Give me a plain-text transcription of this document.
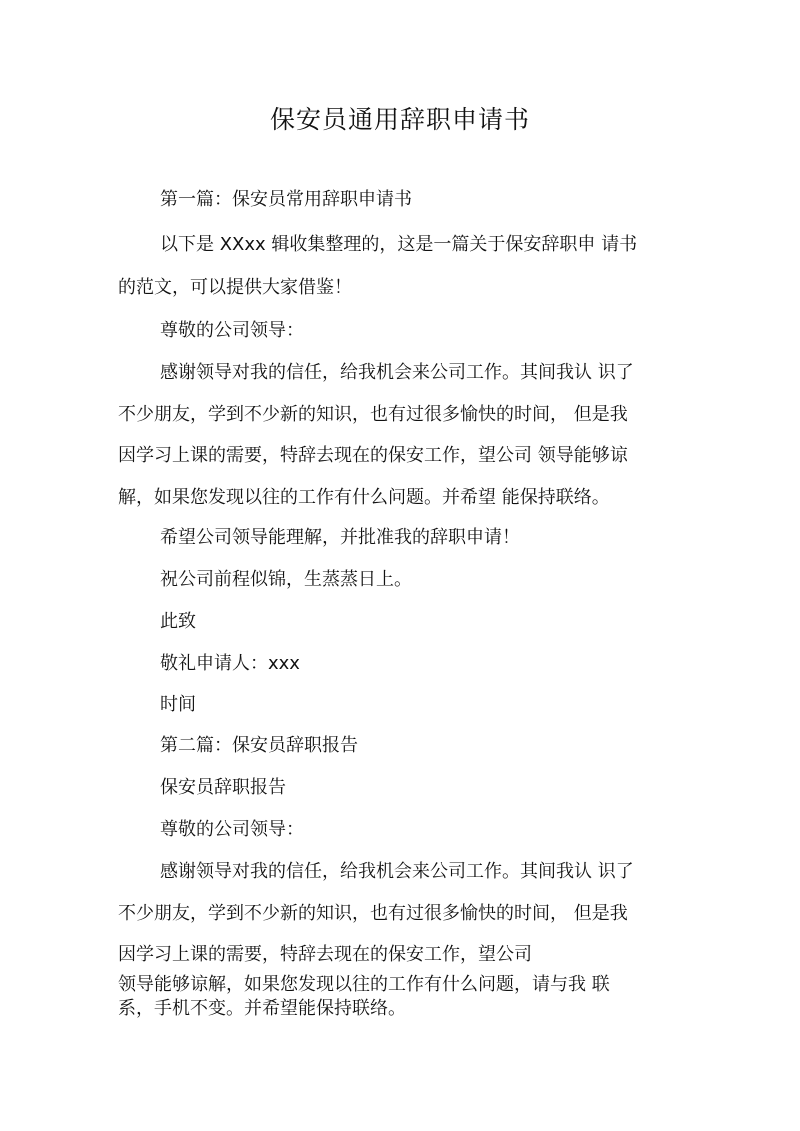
保安员通用辞职申请书
第一篇：保安员常用辞职申请书
以下是 XXxx 辑收集整理的，这是一篇关于保安辞职申 请书
的范文，可以提供大家借鉴！
尊敬的公司领导：
感谢领导对我的信任，给我机会来公司工作。其间我认 识了
不少朋友，学到不少新的知识，也有过很多愉快的时间， 但是我
因学习上课的需要，特辞去现在的保安工作，望公司 领导能够谅
解，如果您发现以往的工作有什么问题。并希望 能保持联络。
希望公司领导能理解，并批准我的辞职申请！
祝公司前程似锦，生蒸蒸日上。
此致
敬礼申请人：xxx
时间
第二篇：保安员辞职报告
保安员辞职报告
尊敬的公司领导：
感谢领导对我的信任，给我机会来公司工作。其间我认 识了
不少朋友，学到不少新的知识，也有过很多愉快的时间， 但是我
因学习上课的需要，特辞去现在的保安工作，望公司
领导能够谅解，如果您发现以往的工作有什么问题，请与我 联
系，手机不变。并希望能保持联络。
